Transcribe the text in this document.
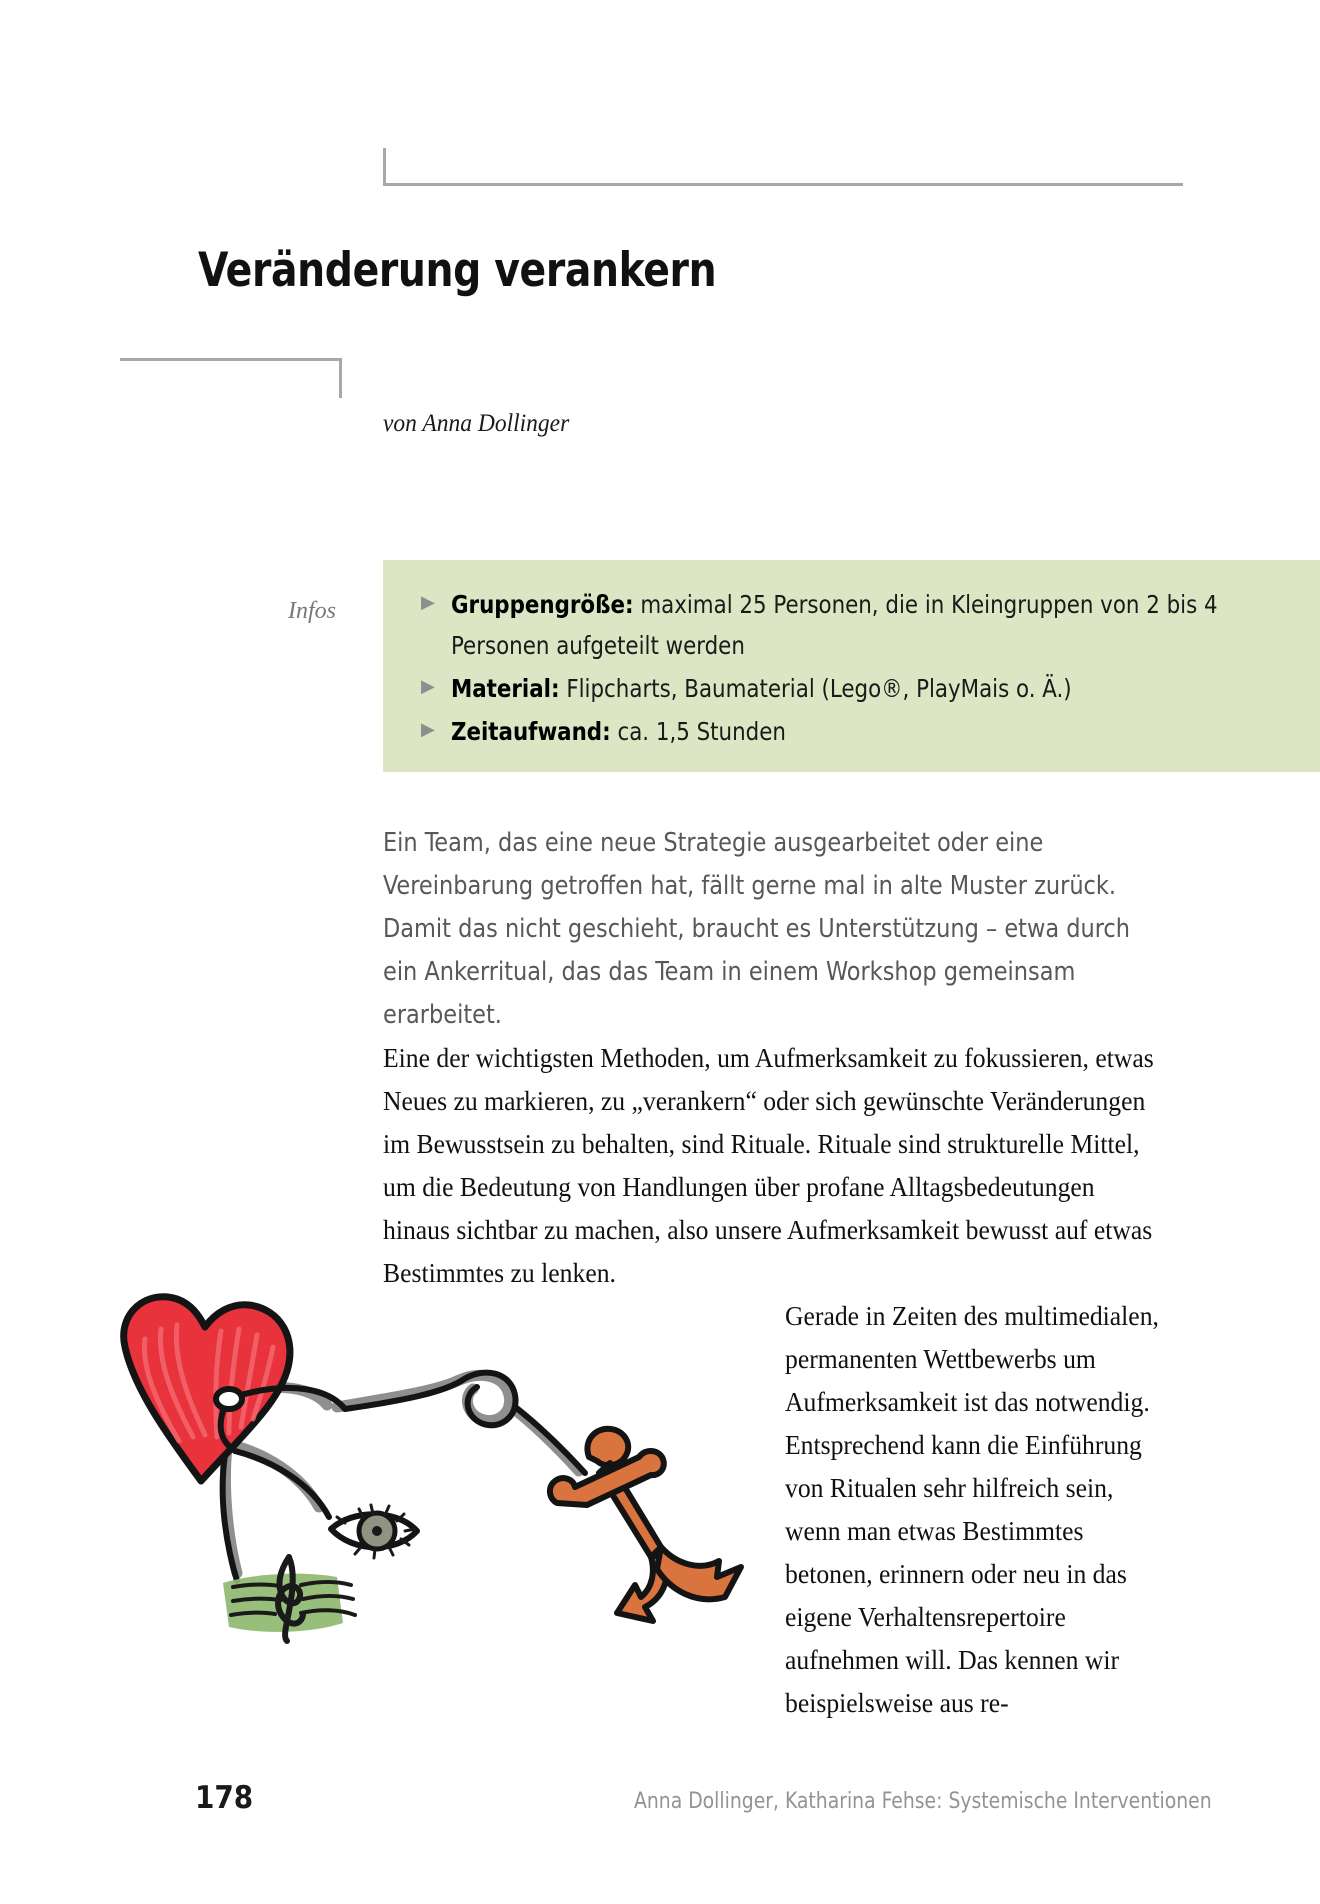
Veränderung verankern
von Anna Dollinger
Infos	▶ Gruppengröße: maximal 25 Personen, die in Kleingruppen von 2 bis 4 Personen aufgeteilt werden
▶ Material: Flipcharts, Baumaterial (Lego®, PlayMais o. Ä.)
▶ Zeitaufwand: ca. 1,5 Stunden
Ein Team, das eine neue Strategie ausgearbeitet oder eine Vereinbarung getroffen hat, fällt gerne mal in alte Muster zurück. Damit das nicht geschieht, braucht es Unterstützung – etwa durch ein Ankerritual, das das Team in einem Workshop gemeinsam erarbeitet.
Eine der wichtigsten Methoden, um Aufmerksamkeit zu fokussieren, etwas Neues zu markieren, zu „verankern“ oder sich gewünschte Veränderungen im Bewusstsein zu behalten, sind Rituale. Rituale sind strukturelle Mittel, um die Bedeutung von Handlungen über profane Alltagsbedeutungen hinaus sichtbar zu machen, also unsere Aufmerksamkeit bewusst auf etwas Bestimmtes zu lenken.
Gerade in Zeiten des multimedialen, permanenten Wettbewerbs um Aufmerksamkeit ist das notwendig. Entsprechend kann die Einführung von Ritualen sehr hilfreich sein, wenn man etwas Bestimmtes betonen, erinnern oder neu in das eigene Verhaltensrepertoire aufnehmen will. Das kennen wir beispielsweise aus re-
178	Anna Dollinger, Katharina Fehse: Systemische Interventionen
